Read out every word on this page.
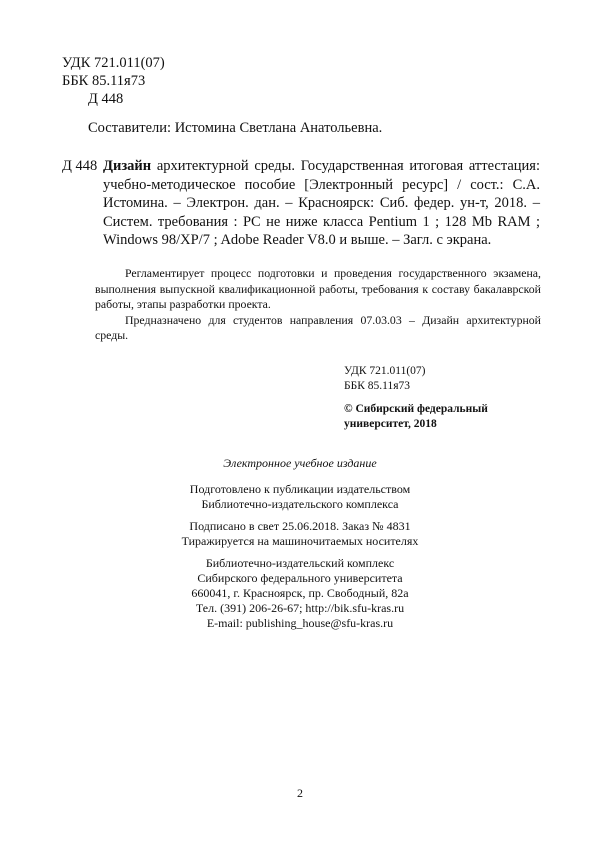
УДК 721.011(07)
ББК 85.11я73
Д 448
Составители: Истомина Светлана Анатольевна.
Д 448 Дизайн архитектурной среды. Государственная итоговая аттестация: учебно-методическое пособие [Электронный ресурс] / сост.: С.А. Истомина. – Электрон. дан. – Красноярск: Сиб. федер. ун-т, 2018. – Систем. требования : PC не ниже класса Pentium 1 ; 128 Mb RAM ; Windows 98/XP/7 ; Adobe Reader V8.0 и выше. – Загл. с экрана.

Регламентирует процесс подготовки и проведения государственного экзамена, выполнения выпускной квалификационной работы, требования к составу бакалаврской работы, этапы разработки проекта.

Предназначено для студентов направления 07.03.03 – Дизайн архитектурной среды.

УДК 721.011(07)
ББК 85.11я73
© Сибирский федеральный
университет, 2018
Электронное учебное издание
Подготовлено к публикации издательством
Библиотечно-издательского комплекса
Подписано в свет 25.06.2018. Заказ № 4831
Тиражируется на машиночитаемых носителях
Библиотечно-издательский комплекс
Сибирского федерального университета
660041, г. Красноярск, пр. Свободный, 82а
Тел. (391) 206-26-67; http://bik.sfu-kras.ru
E-mail: publishing_house@sfu-kras.ru
2
